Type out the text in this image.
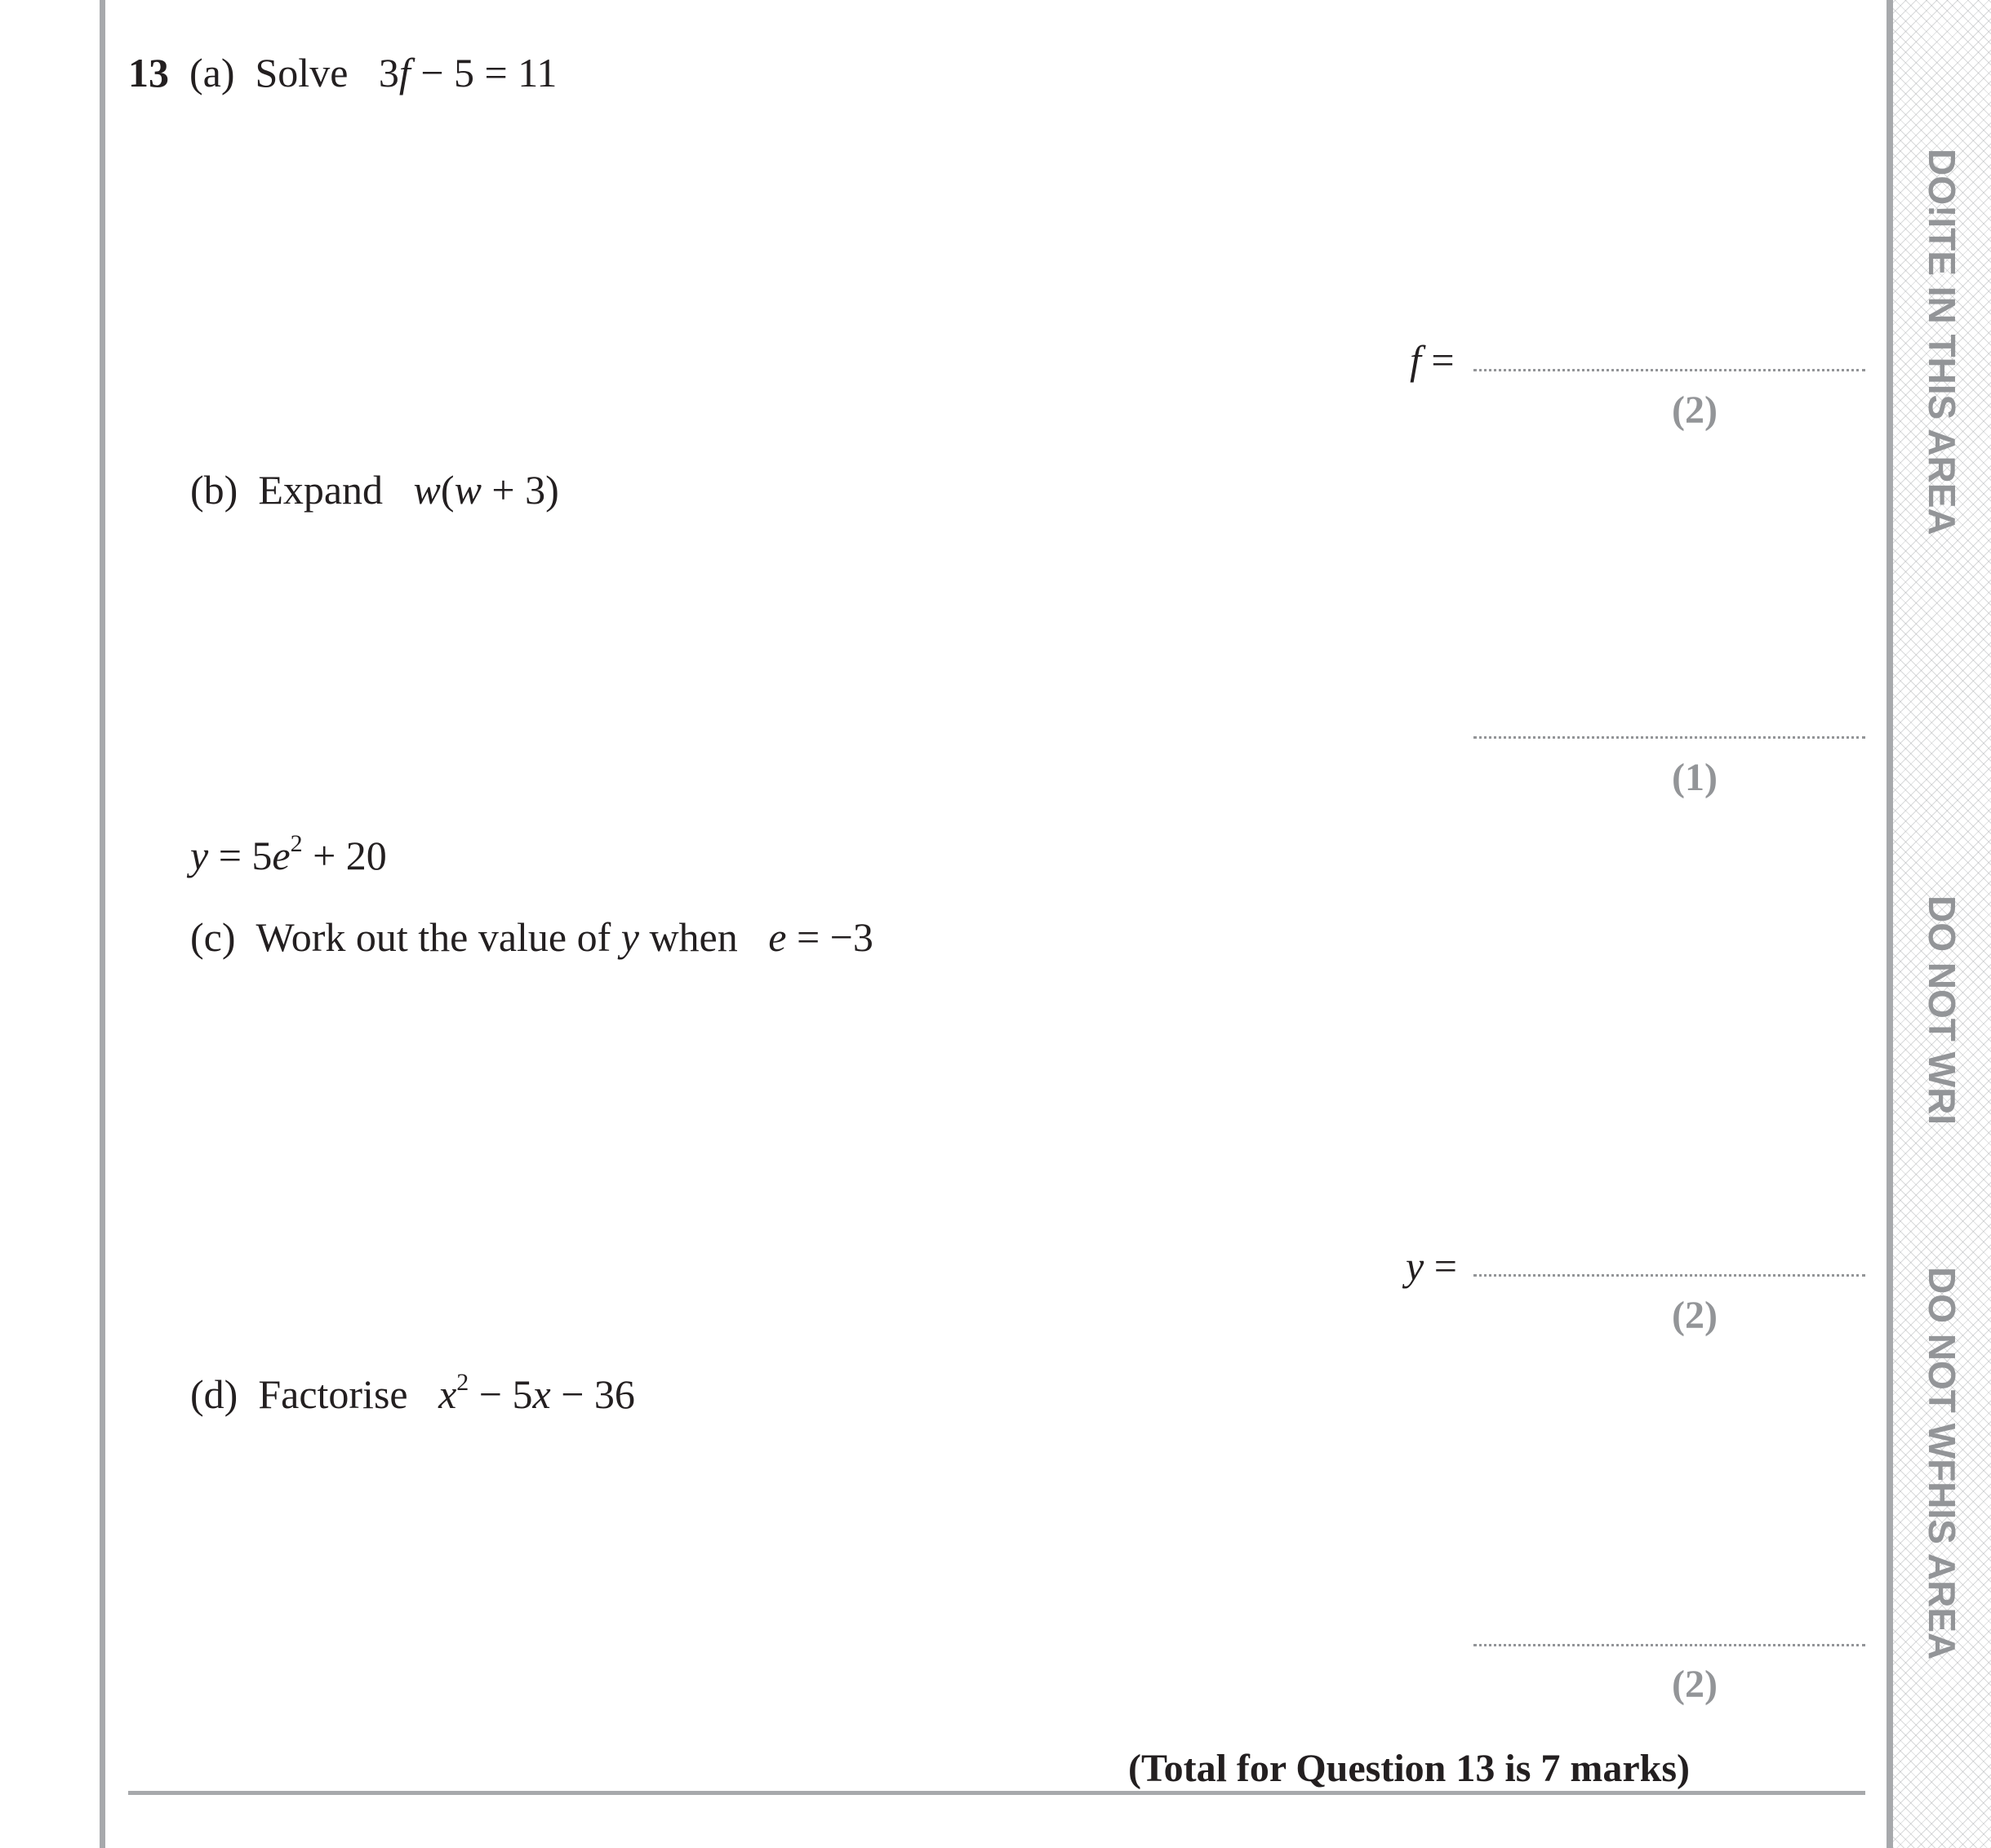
DO!ITE IN THIS AREA
DO NOT WRI
DO NOT WFHIS AREA
13 (a) Solve 3f − 5 = 11
f =
(2)
(b) Expand w(w + 3)
(1)
$y = 5e^2 + 20$
(c) Work out the value of y when e = −3
y =
(2)
(d) Factorise $x^2 - 5x - 36$
(2)
(Total for Question 13 is 7 marks)
